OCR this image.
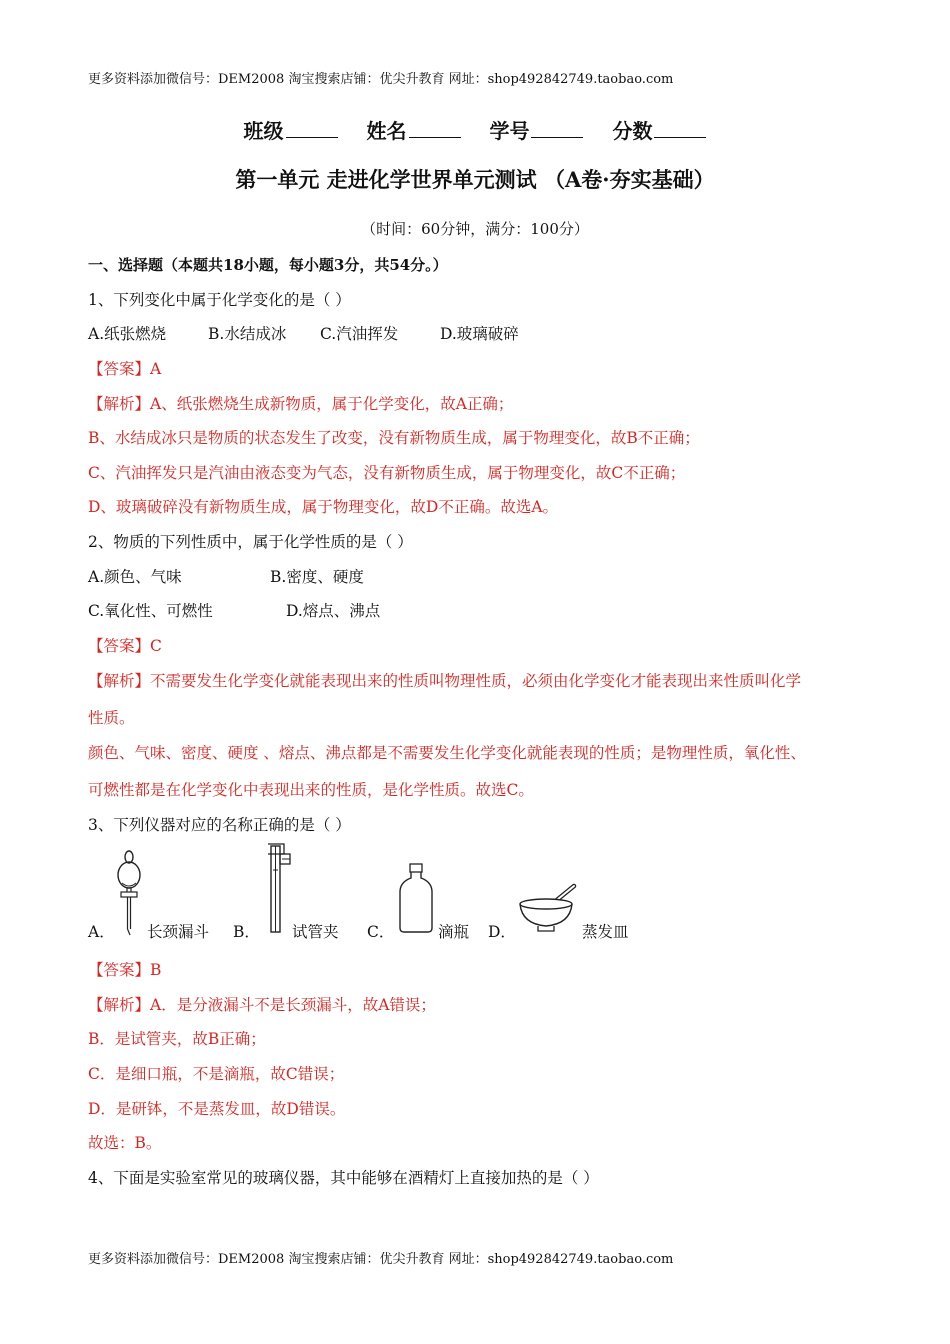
更多资料添加微信号：DEM2008 淘宝搜索店铺：优尖升教育 网址：shop492842749.taobao.com
班级	姓名	学号	分数
第一单元 走进化学世界单元测试 （A卷·夯实基础）
（时间：60分钟，满分：100分）
一、选择题（本题共18小题，每小题3分，共54分。）
1、下列变化中属于化学变化的是（ ）
A.纸张燃烧	B.水结成冰 C.汽油挥发	D.玻璃破碎
【答案】A
【解析】A、纸张燃烧生成新物质，属于化学变化，故A正确；
B、水结成冰只是物质的状态发生了改变，没有新物质生成，属于物理变化，故B不正确；
C、汽油挥发只是汽油由液态变为气态，没有新物质生成，属于物理变化，故C不正确；
D、玻璃破碎没有新物质生成，属于物理变化，故D不正确。故选A。
2、物质的下列性质中，属于化学性质的是（ ）
A.颜色、气味	B.密度、硬度
C.氧化性、可燃性	D.熔点、沸点
【答案】C
【解析】不需要发生化学变化就能表现出来的性质叫物理性质，必须由化学变化才能表现出来性质叫化学
性质。
颜色、气味、密度、硬度 、熔点、沸点都是不需要发生化学变化就能表现的性质；是物理性质，氧化性、
可燃性都是在化学变化中表现出来的性质，是化学性质。故选C。
3、下列仪器对应的名称正确的是（ ）
A． 长颈漏斗 B． 试管夹 C．	滴瓶 D．	蒸发皿
【答案】B
【解析】A．是分液漏斗不是长颈漏斗，故A错误；
B．是试管夹，故B正确；
C．是细口瓶，不是滴瓶，故C错误；
D．是研钵，不是蒸发皿，故D错误。
故选：B。
4、下面是实验室常见的玻璃仪器，其中能够在酒精灯上直接加热的是（ ）
更多资料添加微信号：DEM2008 淘宝搜索店铺：优尖升教育 网址：shop492842749.taobao.com
